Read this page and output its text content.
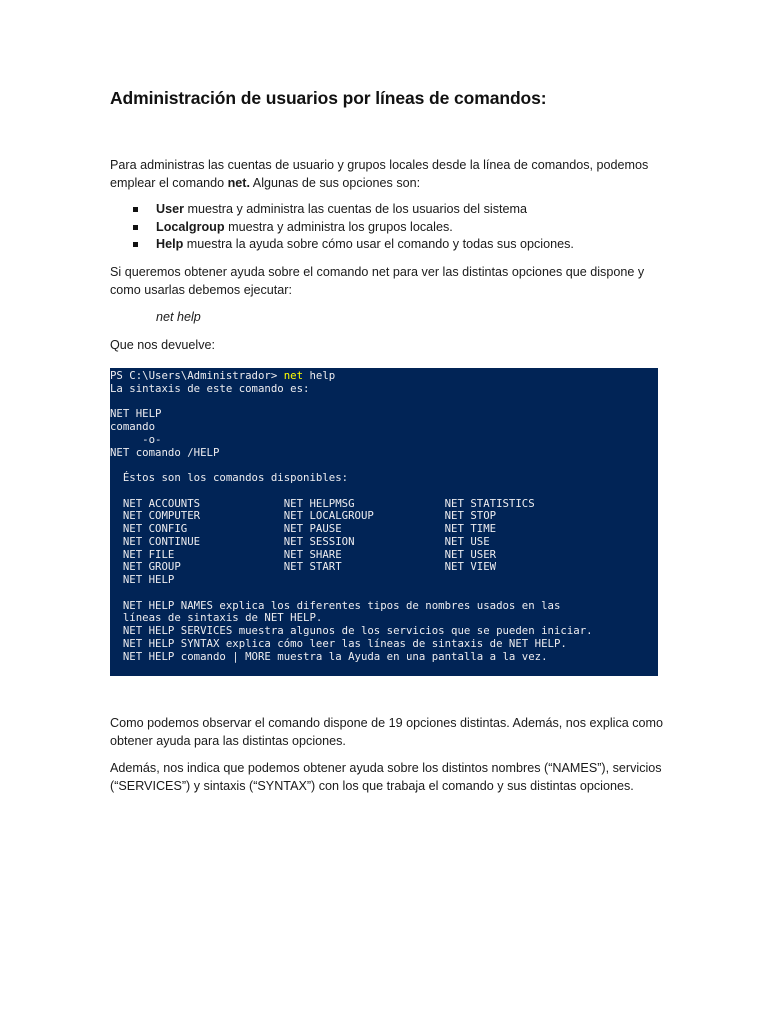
Administración de usuarios por líneas de comandos:

Para administras las cuentas de usuario y grupos locales desde la línea de comandos, podemos emplear el comando net. Algunas de sus opciones son:

User muestra y administra las cuentas de los usuarios del sistema
Localgroup muestra y administra los grupos locales.
Help muestra la ayuda sobre cómo usar el comando y todas sus opciones.

Si queremos obtener ayuda sobre el comando net para ver las distintas opciones que dispone y como usarlas debemos ejecutar:

net help

Que nos devuelve:

PS C:\Users\Administrador> net help
La sintaxis de este comando es:

NET HELP
comando
-o-
NET comando /HELP

Éstos son los comandos disponibles:

NET ACCOUNTS             NET HELPMSG              NET STATISTICS
NET COMPUTER             NET LOCALGROUP           NET STOP
NET CONFIG               NET PAUSE                NET TIME
NET CONTINUE             NET SESSION              NET USE
NET FILE                 NET SHARE                NET USER
NET GROUP                NET START                NET VIEW
NET HELP

NET HELP NAMES explica los diferentes tipos de nombres usados en las
líneas de sintaxis de NET HELP.
NET HELP SERVICES muestra algunos de los servicios que se pueden iniciar.
NET HELP SYNTAX explica cómo leer las líneas de sintaxis de NET HELP.
NET HELP comando | MORE muestra la Ayuda en una pantalla a la vez.

Como podemos observar el comando dispone de 19 opciones distintas. Además, nos explica como obtener ayuda para las distintas opciones.

Además, nos indica que podemos obtener ayuda sobre los distintos nombres (“NAMES”), servicios (“SERVICES”) y sintaxis (“SYNTAX”) con los que trabaja el comando y sus distintas opciones.
